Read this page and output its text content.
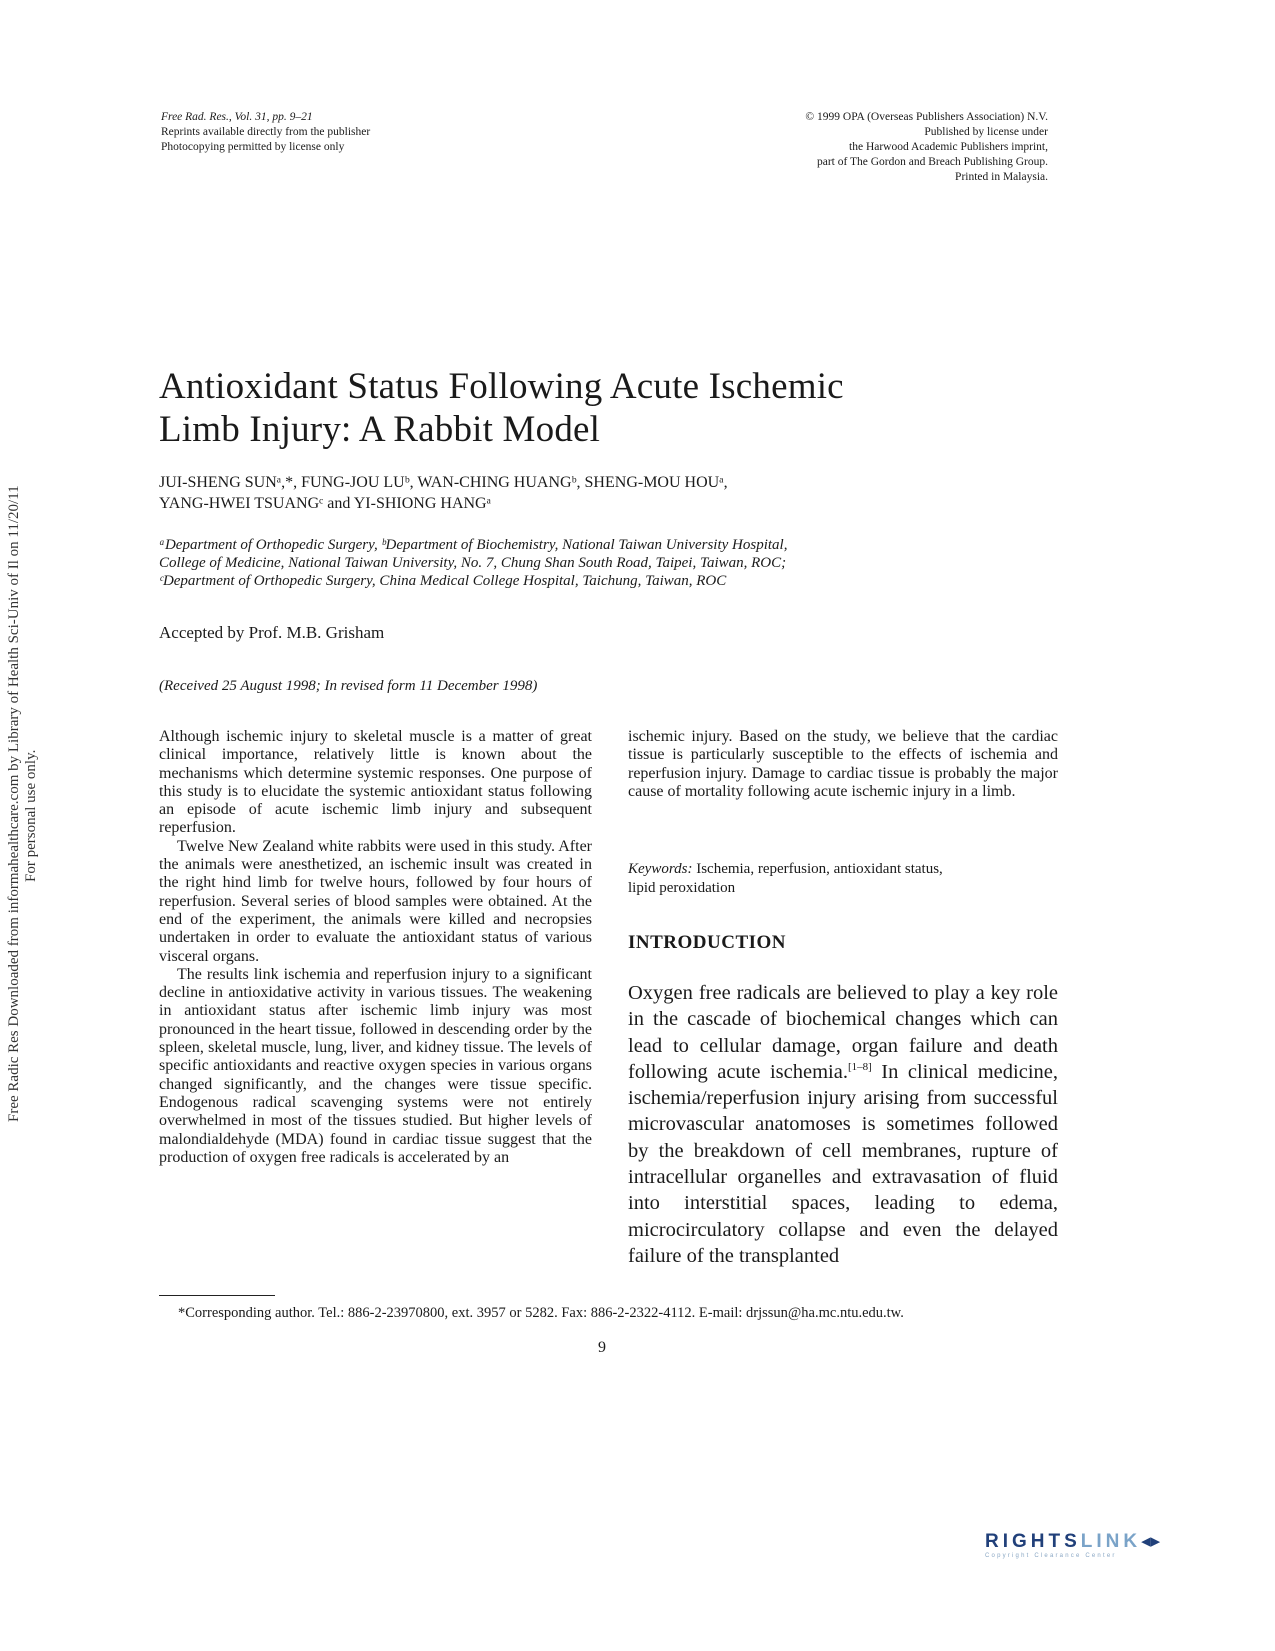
Free Radic Res Downloaded from informahealthcare.com by Library of Health Sci-Univ of Il on 11/20/11 For personal use only.
Free Rad. Res., Vol. 31, pp. 9–21
Reprints available directly from the publisher
Photocopying permitted by license only
© 1999 OPA (Overseas Publishers Association) N.V.
Published by license under
the Harwood Academic Publishers imprint,
part of The Gordon and Breach Publishing Group.
Printed in Malaysia.
Antioxidant Status Following Acute Ischemic
Limb Injury: A Rabbit Model
JUI-SHENG SUNᵃ,*, FUNG-JOU LUᵇ, WAN-CHING HUANGᵇ, SHENG-MOU HOUᵃ,
YANG-HWEI TSUANGᶜ and YI-SHIONG HANGᵃ
ᵃDepartment of Orthopedic Surgery, ᵇDepartment of Biochemistry, National Taiwan University Hospital,
College of Medicine, National Taiwan University, No. 7, Chung Shan South Road, Taipei, Taiwan, ROC;
ᶜDepartment of Orthopedic Surgery, China Medical College Hospital, Taichung, Taiwan, ROC
Accepted by Prof. M.B. Grisham
(Received 25 August 1998; In revised form 11 December 1998)

Although ischemic injury to skeletal muscle is a matter of great clinical importance, relatively little is known about the mechanisms which determine systemic responses. One purpose of this study is to elucidate the systemic antioxidant status following an episode of acute ischemic limb injury and subsequent reperfusion.

Twelve New Zealand white rabbits were used in this study. After the animals were anesthetized, an ischemic insult was created in the right hind limb for twelve hours, followed by four hours of reperfusion. Several series of blood samples were obtained. At the end of the experiment, the animals were killed and necropsies undertaken in order to evaluate the antioxidant status of various visceral organs.

The results link ischemia and reperfusion injury to a significant decline in antioxidative activity in various tissues. The weakening in antioxidant status after ischemic limb injury was most pronounced in the heart tissue, followed in descending order by the spleen, skeletal muscle, lung, liver, and kidney tissue. The levels of specific antioxidants and reactive oxygen species in various organs changed significantly, and the changes were tissue specific. Endogenous radical scavenging systems were not entirely overwhelmed in most of the tissues studied. But higher levels of malondialdehyde (MDA) found in cardiac tissue suggest that the production of oxygen free radicals is accelerated by an

ischemic injury. Based on the study, we believe that the cardiac tissue is particularly susceptible to the effects of ischemia and reperfusion injury. Damage to cardiac tissue is probably the major cause of mortality following acute ischemic injury in a limb.

Keywords: Ischemia, reperfusion, antioxidant status,
lipid peroxidation
INTRODUCTION
Oxygen free radicals are believed to play a key role in the cascade of biochemical changes which can lead to cellular damage, organ failure and death following acute ischemia.[1–8] In clinical medicine, ischemia/reperfusion injury arising from successful microvascular anatomoses is sometimes followed by the breakdown of cell membranes, rupture of intracellular organelles and extravasation of fluid into interstitial spaces, leading to edema, microcirculatory collapse and even the delayed failure of the transplanted
*Corresponding author. Tel.: 886-2-23970800, ext. 3957 or 5282. Fax: 886-2-2322-4112. E-mail: drjssun@ha.mc.ntu.edu.tw.
9
RIGHTSLINK◂▸
Copyright Clearance Center
